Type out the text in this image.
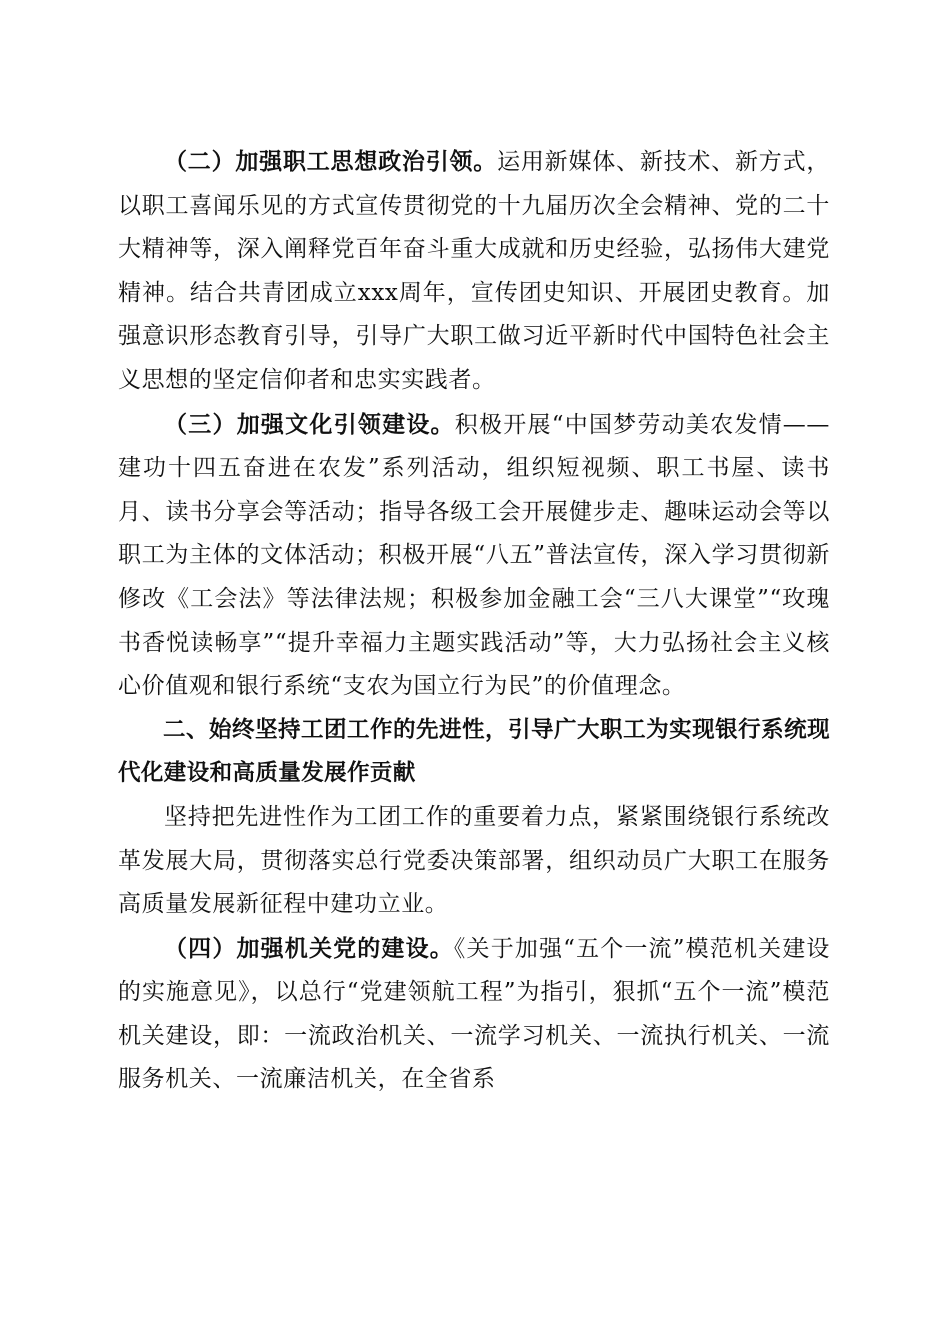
（二）加强职工思想政治引领。运用新媒体、新技术、新方式，以职工喜闻乐见的方式宣传贯彻党的十九届历次全会精神、党的二十大精神等，深入阐释党百年奋斗重大成就和历史经验，弘扬伟大建党精神。结合共青团成立xxx周年，宣传团史知识、开展团史教育。加强意识形态教育引导，引导广大职工做习近平新时代中国特色社会主义思想的坚定信仰者和忠实实践者。

（三）加强文化引领建设。积极开展“中国梦劳动美农发情——建功十四五奋进在农发”系列活动，组织短视频、职工书屋、读书月、读书分享会等活动；指导各级工会开展健步走、趣味运动会等以职工为主体的文体活动；积极开展“八五”普法宣传，深入学习贯彻新修改《工会法》等法律法规；积极参加金融工会“三八大课堂”“玫瑰书香悦读畅享”“提升幸福力主题实践活动”等，大力弘扬社会主义核心价值观和银行系统“支农为国立行为民”的价值理念。

二、始终坚持工团工作的先进性，引导广大职工为实现银行系统现代化建设和高质量发展作贡献

坚持把先进性作为工团工作的重要着力点，紧紧围绕银行系统改革发展大局，贯彻落实总行党委决策部署，组织动员广大职工在服务高质量发展新征程中建功立业。

（四）加强机关党的建设。《关于加强“五个一流”模范机关建设的实施意见》，以总行“党建领航工程”为指引，狠抓“五个一流”模范机关建设，即：一流政治机关、一流学习机关、一流执行机关、一流服务机关、一流廉洁机关，在全省系
